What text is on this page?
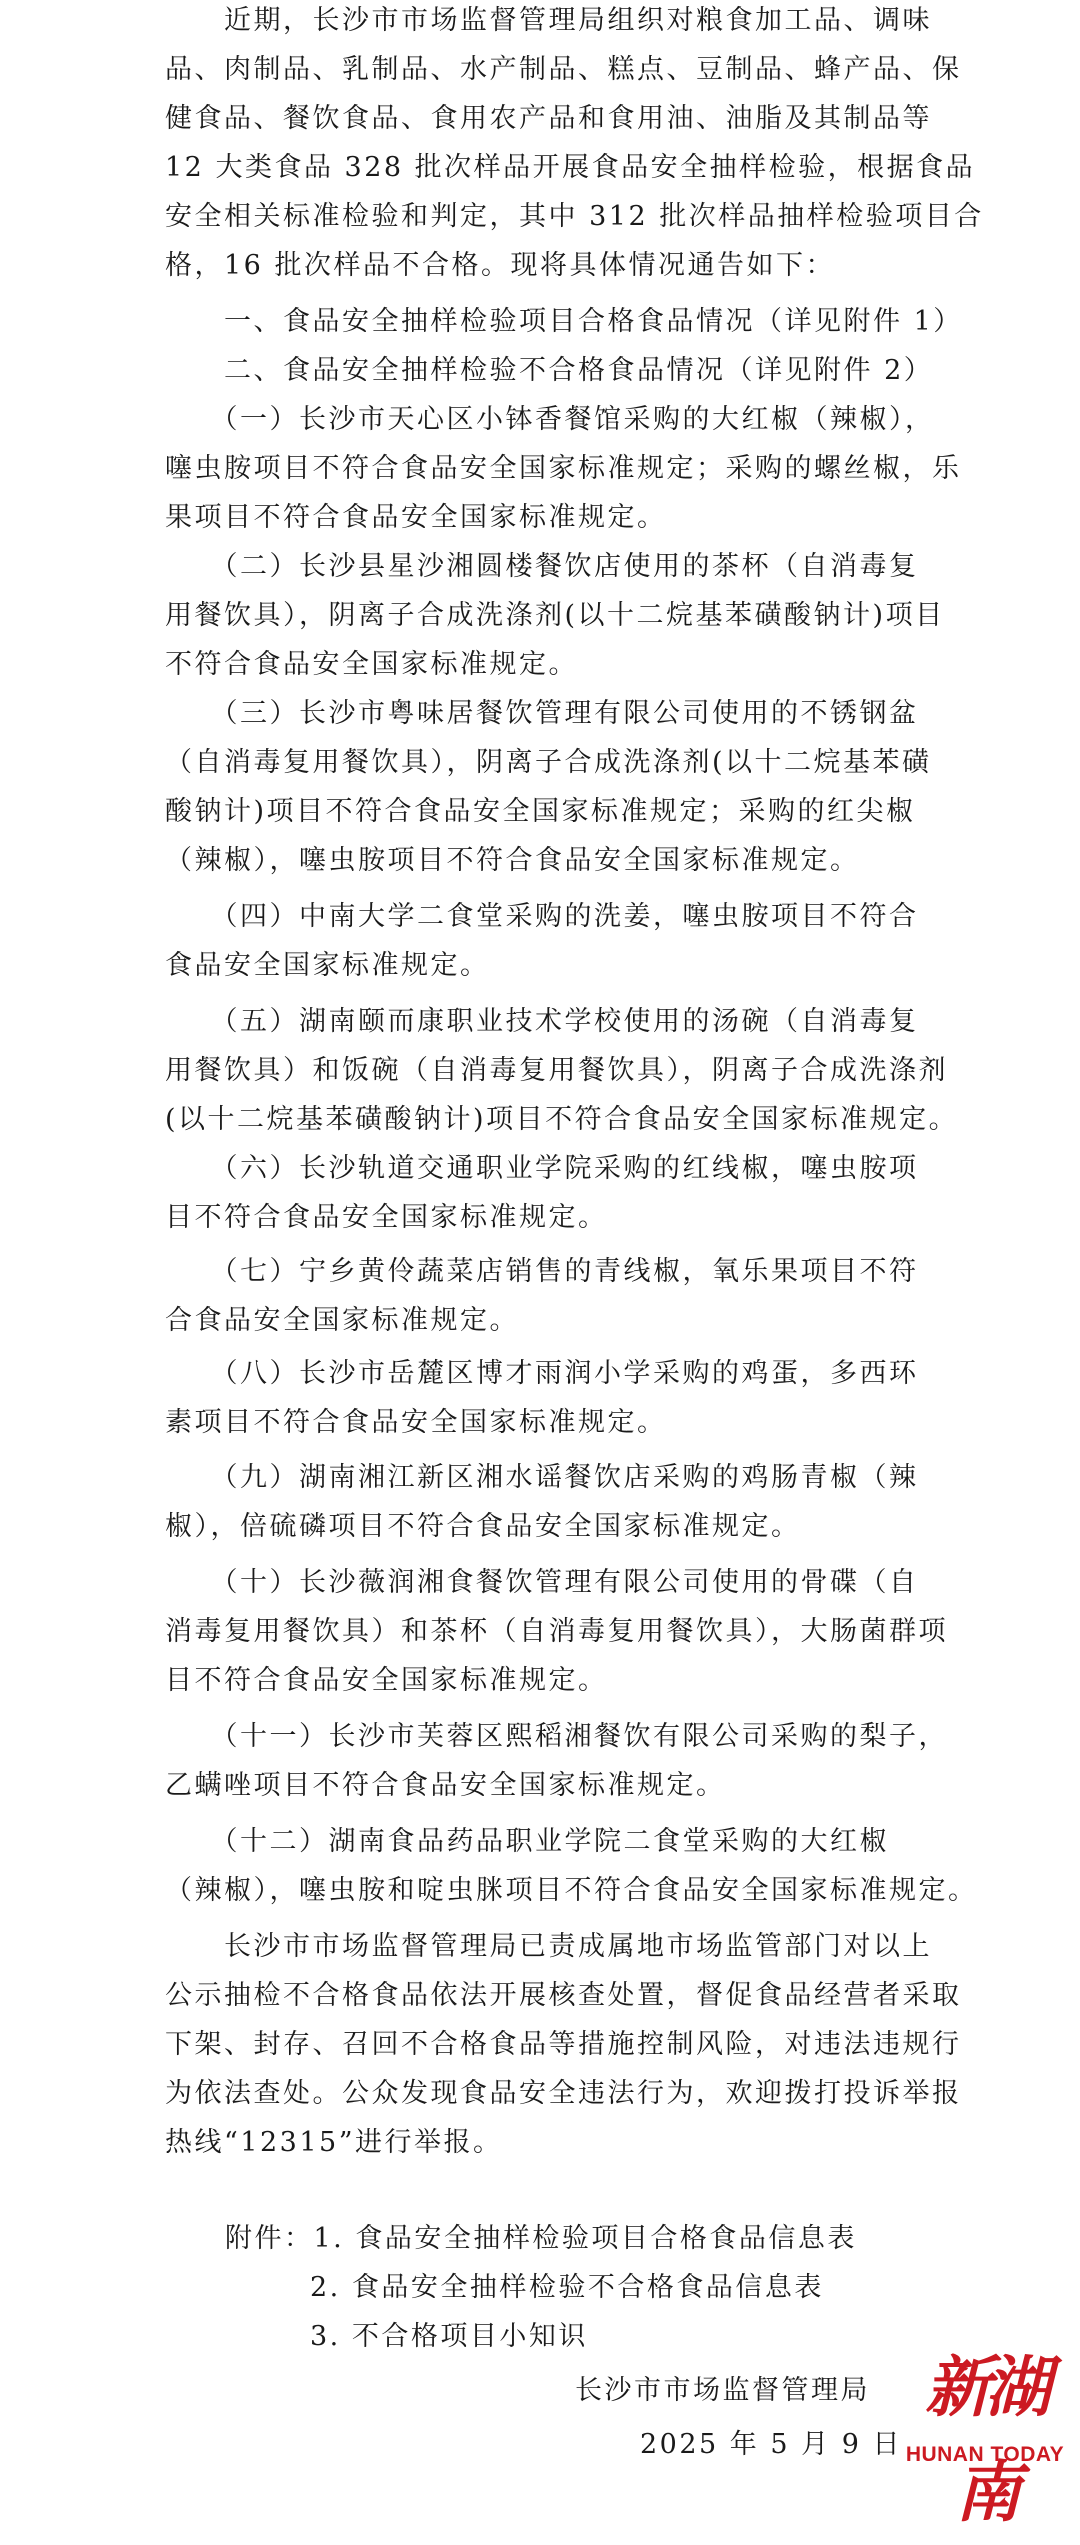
　　近期，长沙市市场监督管理局组织对粮食加工品、调味
品、肉制品、乳制品、水产制品、糕点、豆制品、蜂产品、保
健食品、餐饮食品、食用农产品和食用油、油脂及其制品等
12 大类食品 328 批次样品开展食品安全抽样检验，根据食品
安全相关标准检验和判定，其中 312 批次样品抽样检验项目合
格，16 批次样品不合格。现将具体情况通告如下：
　　一、食品安全抽样检验项目合格食品情况（详见附件 1）
　　二、食品安全抽样检验不合格食品情况（详见附件 2）
　　（一）长沙市天心区小钵香餐馆采购的大红椒（辣椒），
噻虫胺项目不符合食品安全国家标准规定；采购的螺丝椒，乐
果项目不符合食品安全国家标准规定。
　　（二）长沙县星沙湘圆楼餐饮店使用的茶杯（自消毒复
用餐饮具），阴离子合成洗涤剂(以十二烷基苯磺酸钠计)项目
不符合食品安全国家标准规定。
　　（三）长沙市粤味居餐饮管理有限公司使用的不锈钢盆
（自消毒复用餐饮具），阴离子合成洗涤剂(以十二烷基苯磺
酸钠计)项目不符合食品安全国家标准规定；采购的红尖椒
（辣椒），噻虫胺项目不符合食品安全国家标准规定。
　　（四）中南大学二食堂采购的洗姜，噻虫胺项目不符合
食品安全国家标准规定。
　　（五）湖南颐而康职业技术学校使用的汤碗（自消毒复
用餐饮具）和饭碗（自消毒复用餐饮具），阴离子合成洗涤剂
(以十二烷基苯磺酸钠计)项目不符合食品安全国家标准规定。
　　（六）长沙轨道交通职业学院采购的红线椒，噻虫胺项
目不符合食品安全国家标准规定。
　　（七）宁乡黄伶蔬菜店销售的青线椒，氧乐果项目不符
合食品安全国家标准规定。
　　（八）长沙市岳麓区博才雨润小学采购的鸡蛋，多西环
素项目不符合食品安全国家标准规定。
　　（九）湖南湘江新区湘水谣餐饮店采购的鸡肠青椒（辣
椒），倍硫磷项目不符合食品安全国家标准规定。
　　（十）长沙薇润湘食餐饮管理有限公司使用的骨碟（自
消毒复用餐饮具）和茶杯（自消毒复用餐饮具），大肠菌群项
目不符合食品安全国家标准规定。
　　（十一）长沙市芙蓉区熙稻湘餐饮有限公司采购的梨子，
乙螨唑项目不符合食品安全国家标准规定。
　　（十二）湖南食品药品职业学院二食堂采购的大红椒
（辣椒），噻虫胺和啶虫脒项目不符合食品安全国家标准规定。
　　长沙市市场监督管理局已责成属地市场监管部门对以上
公示抽检不合格食品依法开展核查处置，督促食品经营者采取
下架、封存、召回不合格食品等措施控制风险，对违法违规行
为依法查处。公众发现食品安全违法行为，欢迎拨打投诉举报
热线“12315”进行举报。
附件：1. 食品安全抽样检验项目合格食品信息表
2. 食品安全抽样检验不合格食品信息表
3. 不合格项目小知识
长沙市市场监督管理局
2025 年 5 月 9 日
新湖南
HUNAN TODAY
